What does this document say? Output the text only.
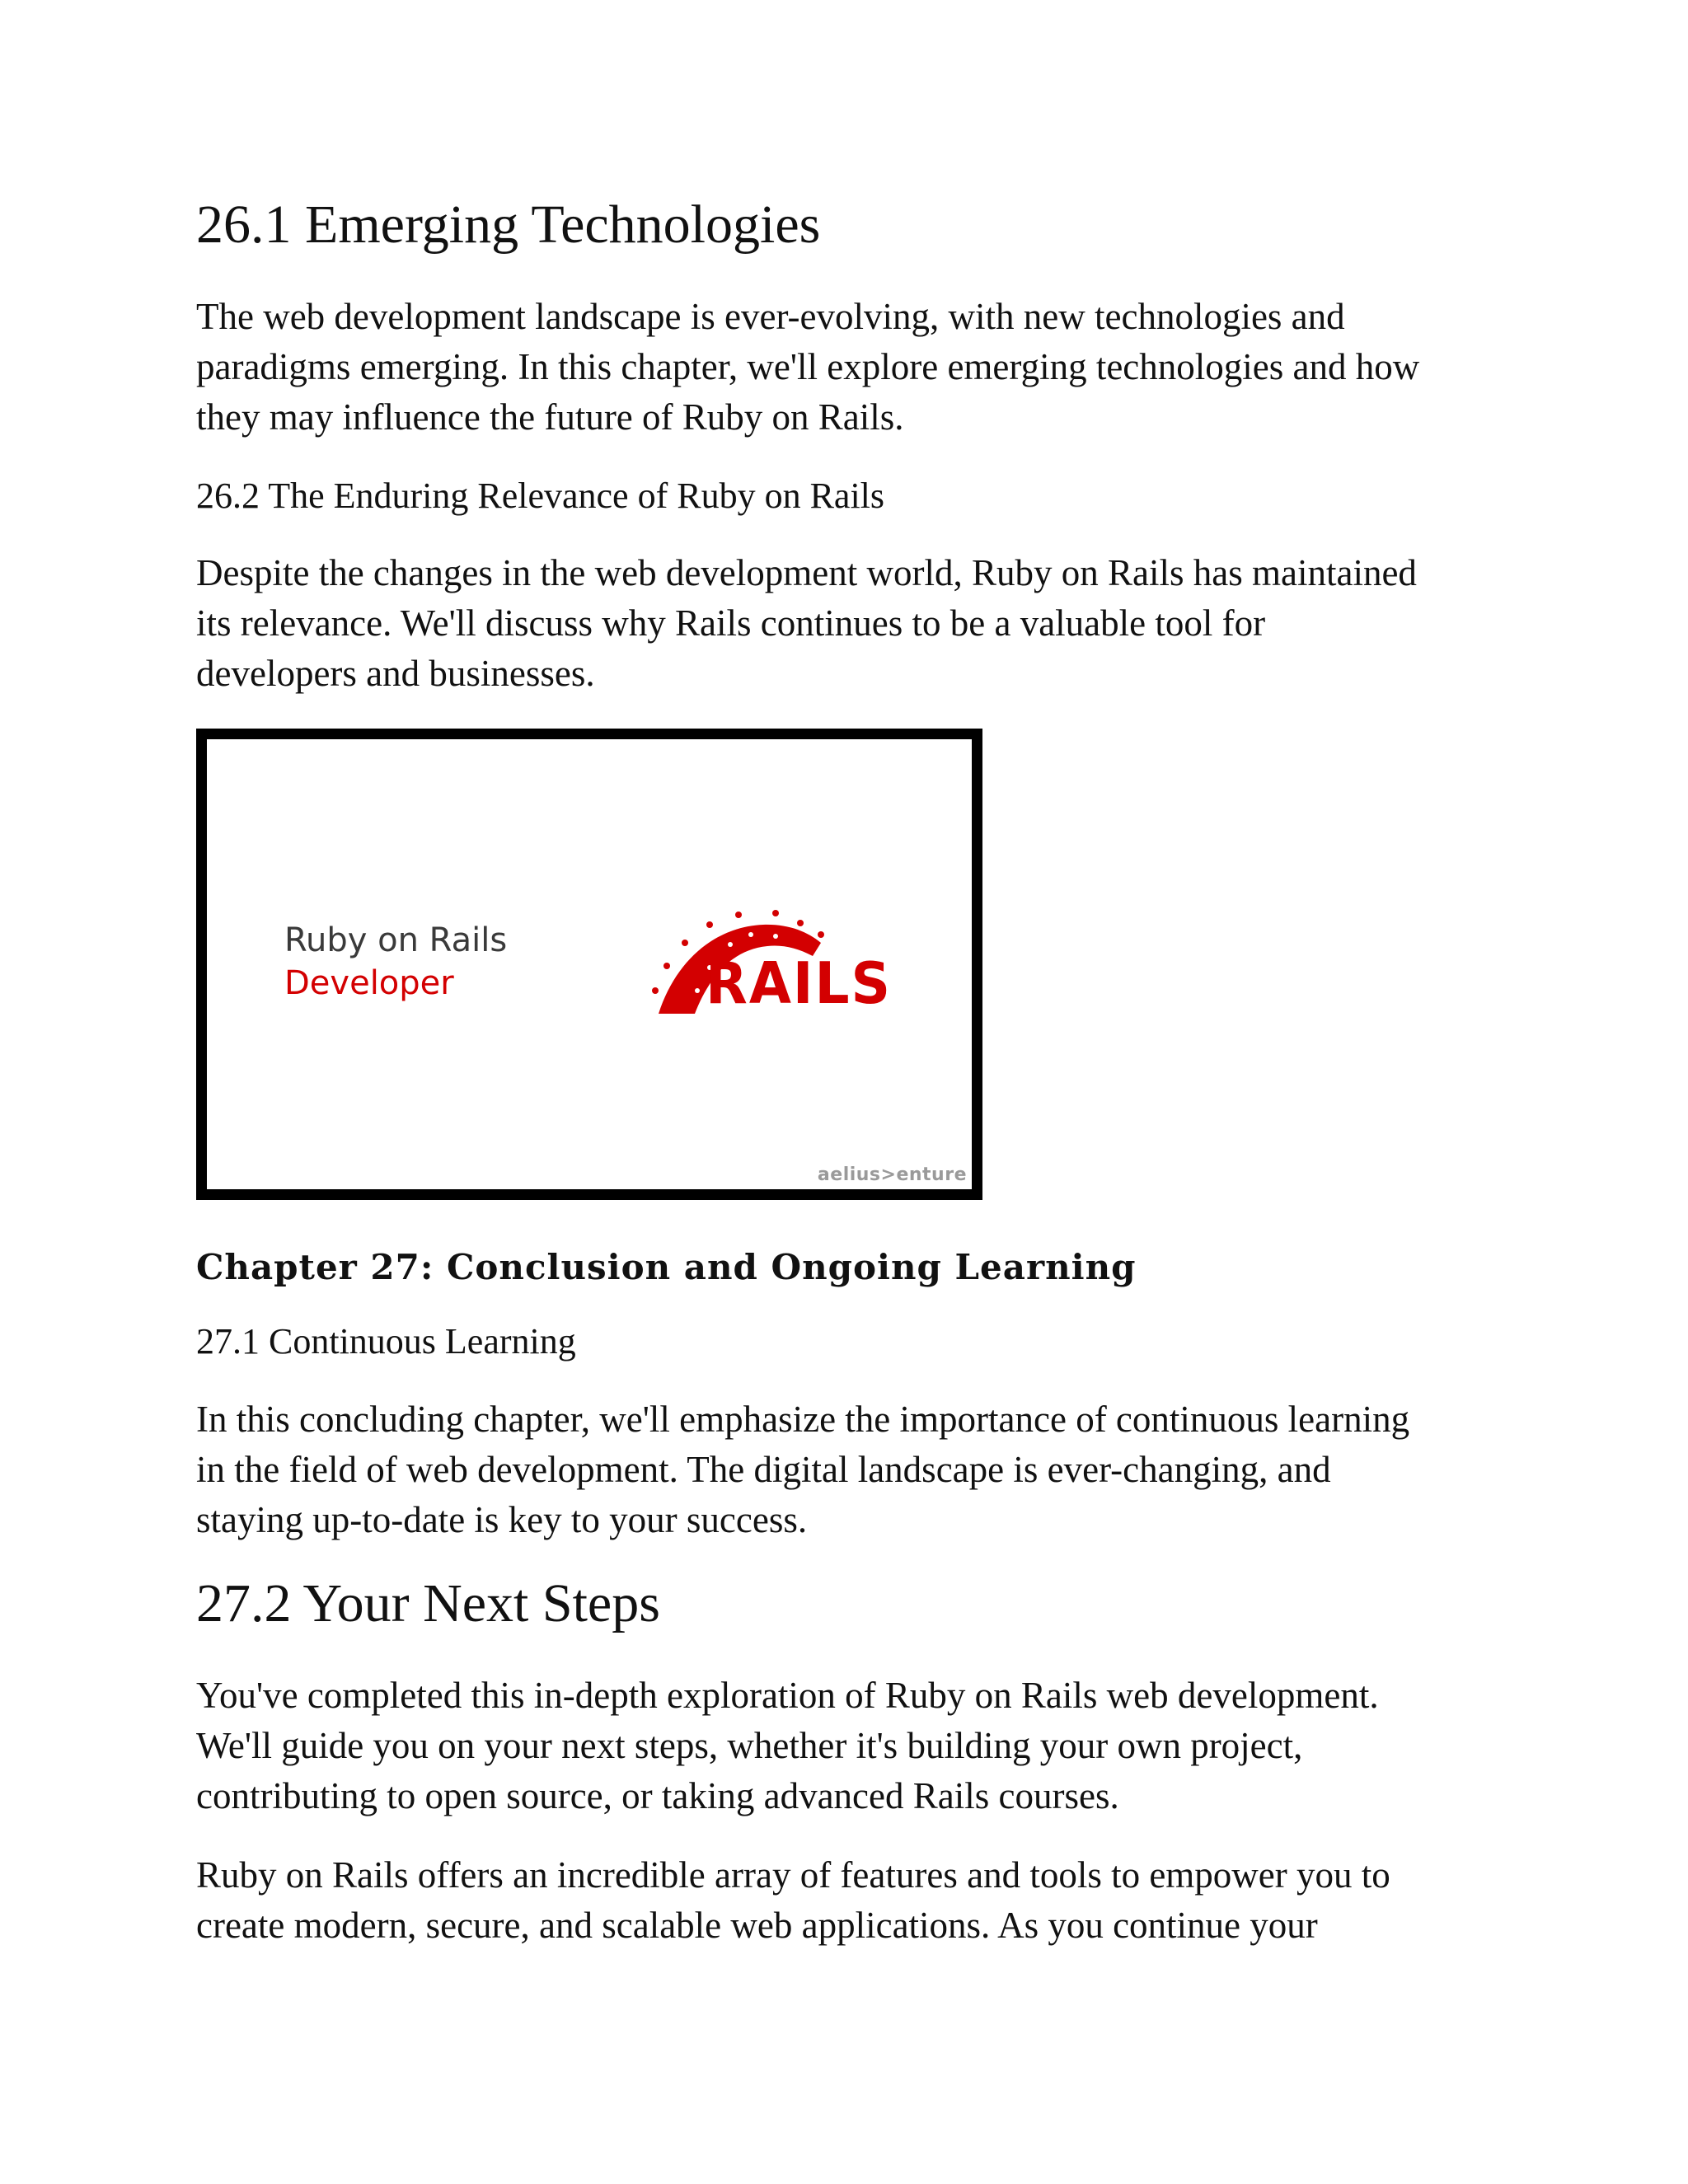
26.1 Emerging Technologies

The web development landscape is ever-evolving, with new technologies and
paradigms emerging. In this chapter, we'll explore emerging technologies and how
they may influence the future of Ruby on Rails.

26.2 The Enduring Relevance of Ruby on Rails

Despite the changes in the web development world, Ruby on Rails has maintained
its relevance. We'll discuss why Rails continues to be a valuable tool for
developers and businesses.

Ruby on Rails
Developer	RAILS
aelius>enture
Chapter 27: Conclusion and Ongoing Learning
27.1 Continuous Learning

In this concluding chapter, we'll emphasize the importance of continuous learning
in the field of web development. The digital landscape is ever-changing, and
staying up-to-date is key to your success.

27.2 Your Next Steps

You've completed this in-depth exploration of Ruby on Rails web development.
We'll guide you on your next steps, whether it's building your own project,
contributing to open source, or taking advanced Rails courses.

Ruby on Rails offers an incredible array of features and tools to empower you to
create modern, secure, and scalable web applications. As you continue your
